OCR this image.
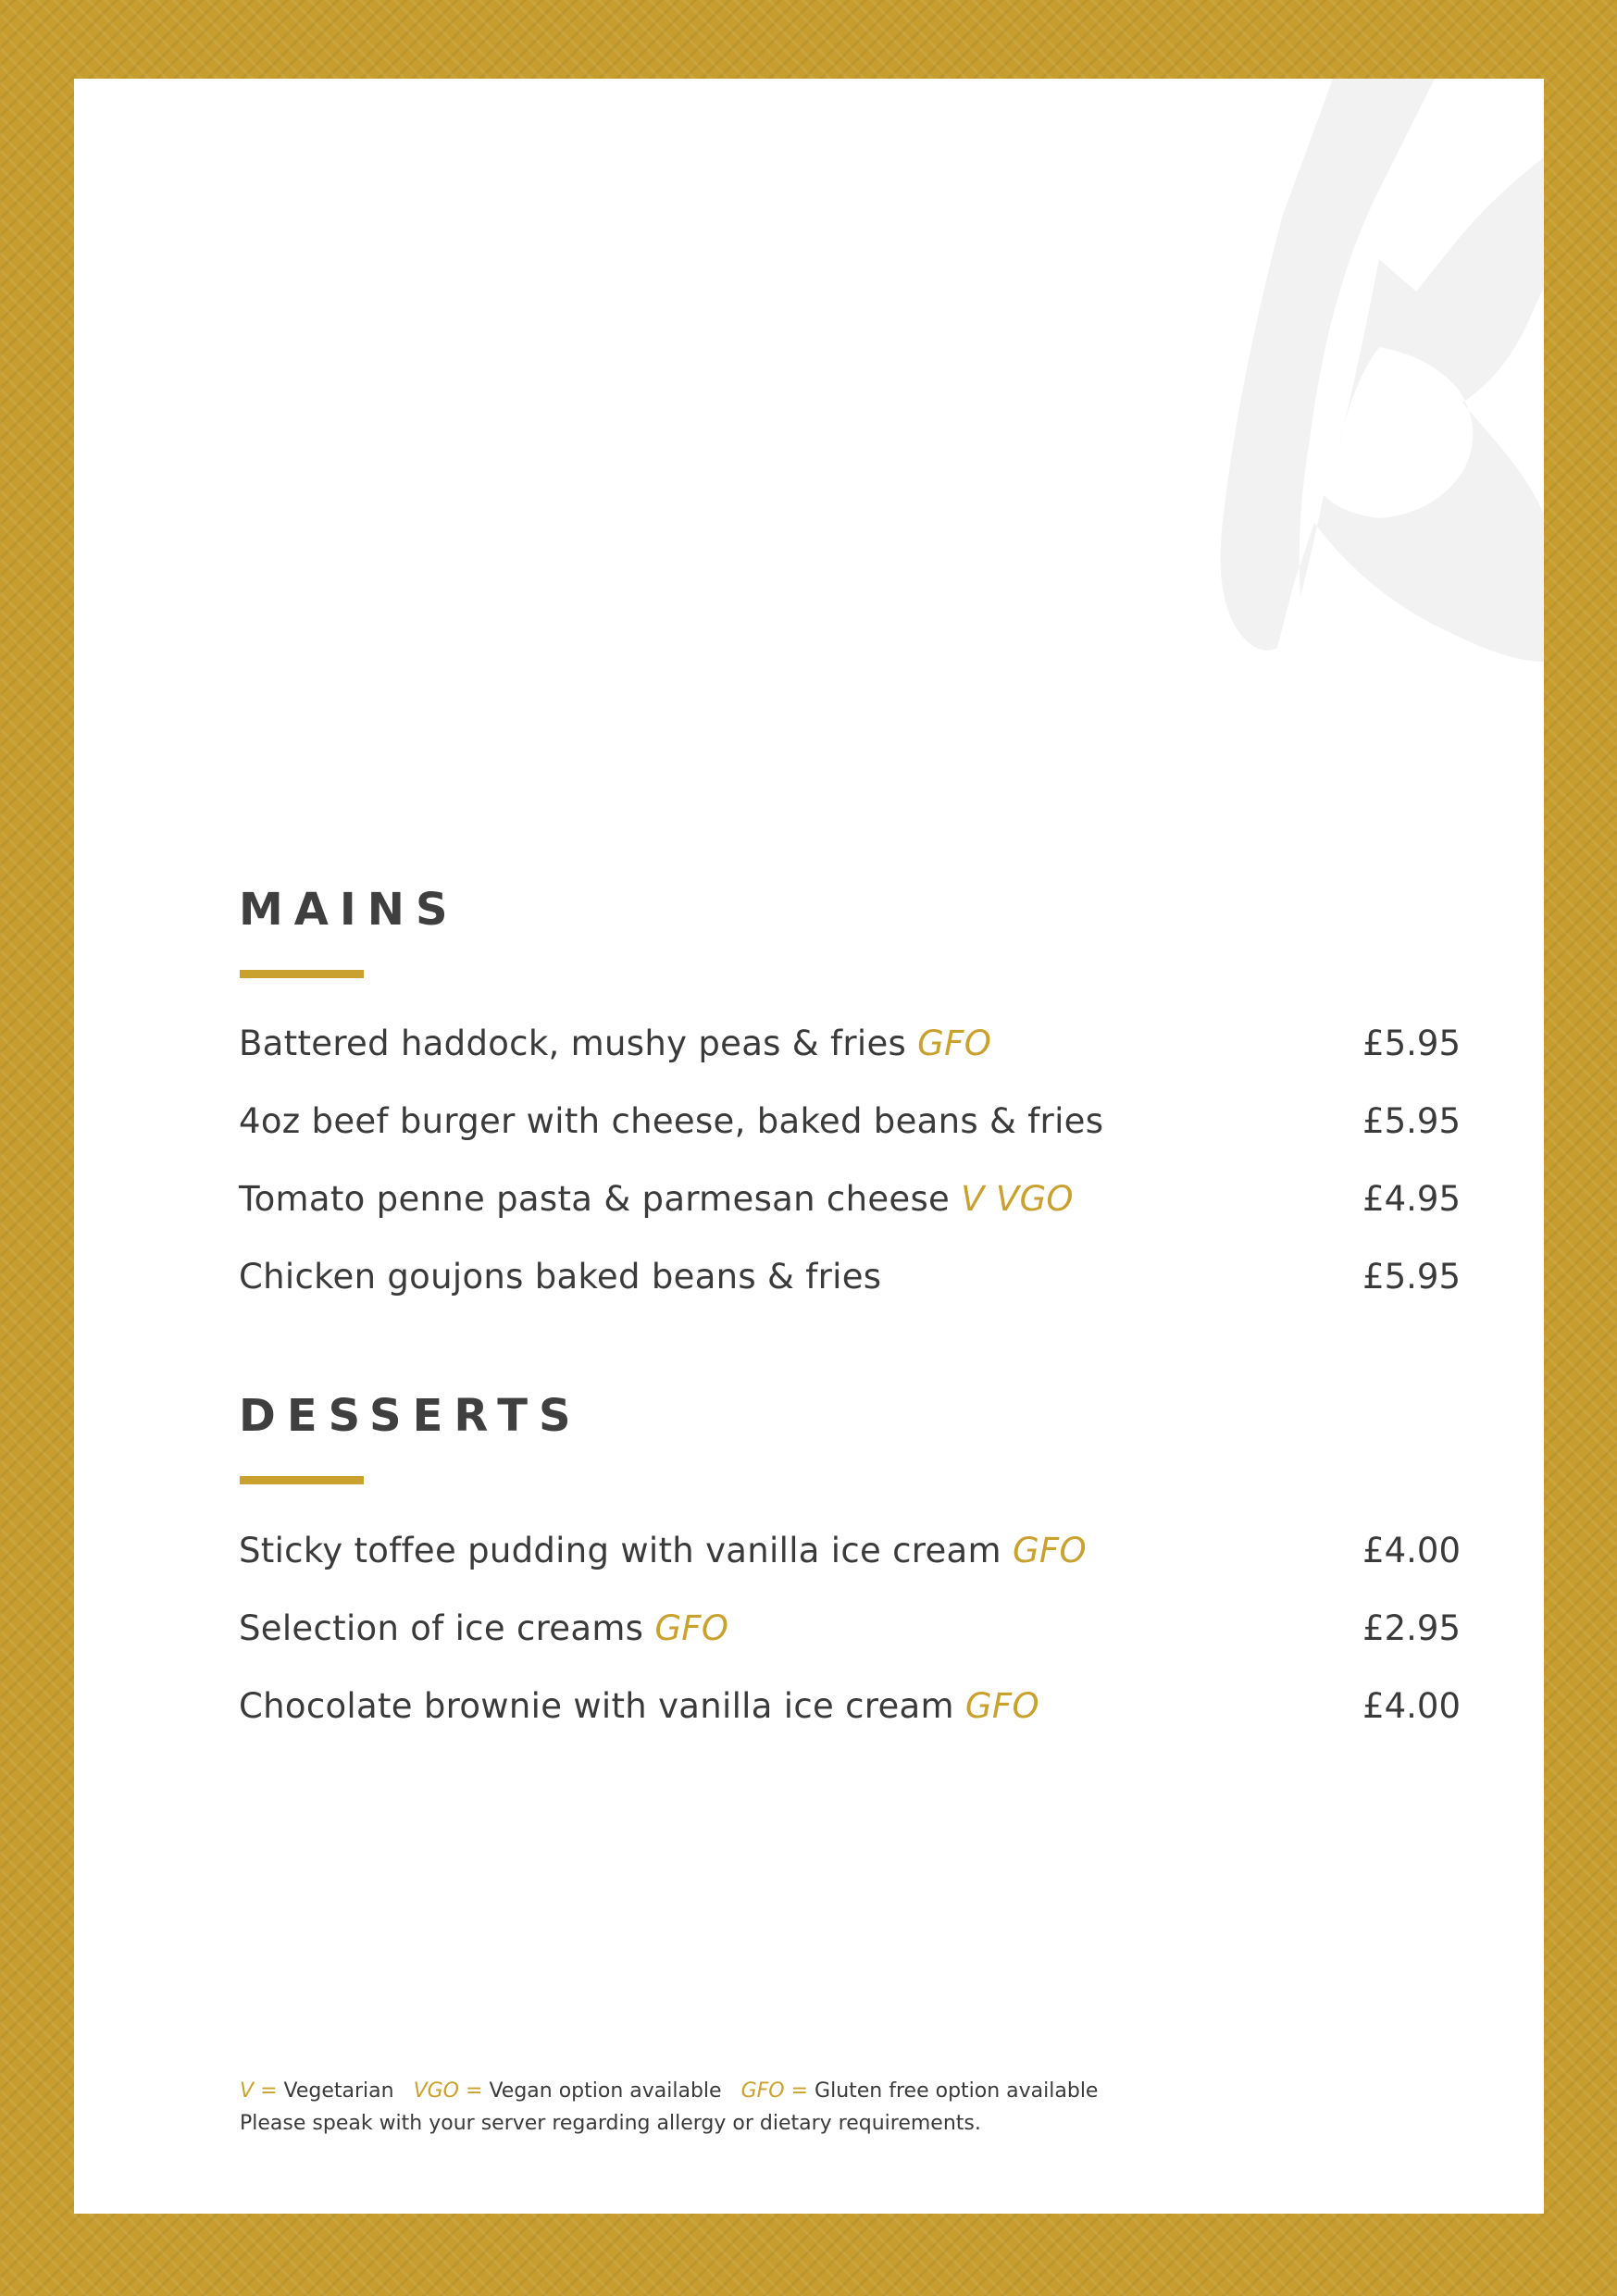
MAINS
Battered haddock, mushy peas & fries GFO	£5.95
4oz beef burger with cheese, baked beans & fries	£5.95
Tomato penne pasta & parmesan cheese V VGO	£4.95
Chicken goujons baked beans & fries	£5.95
DESSERTS
Sticky toffee pudding with vanilla ice cream GFO	£4.00
Selection of ice creams GFO	£2.95
Chocolate brownie with vanilla ice cream GFO	£4.00
V = Vegetarian VGO = Vegan option available GFO = Gluten free option available
Please speak with your server regarding allergy or dietary requirements.
